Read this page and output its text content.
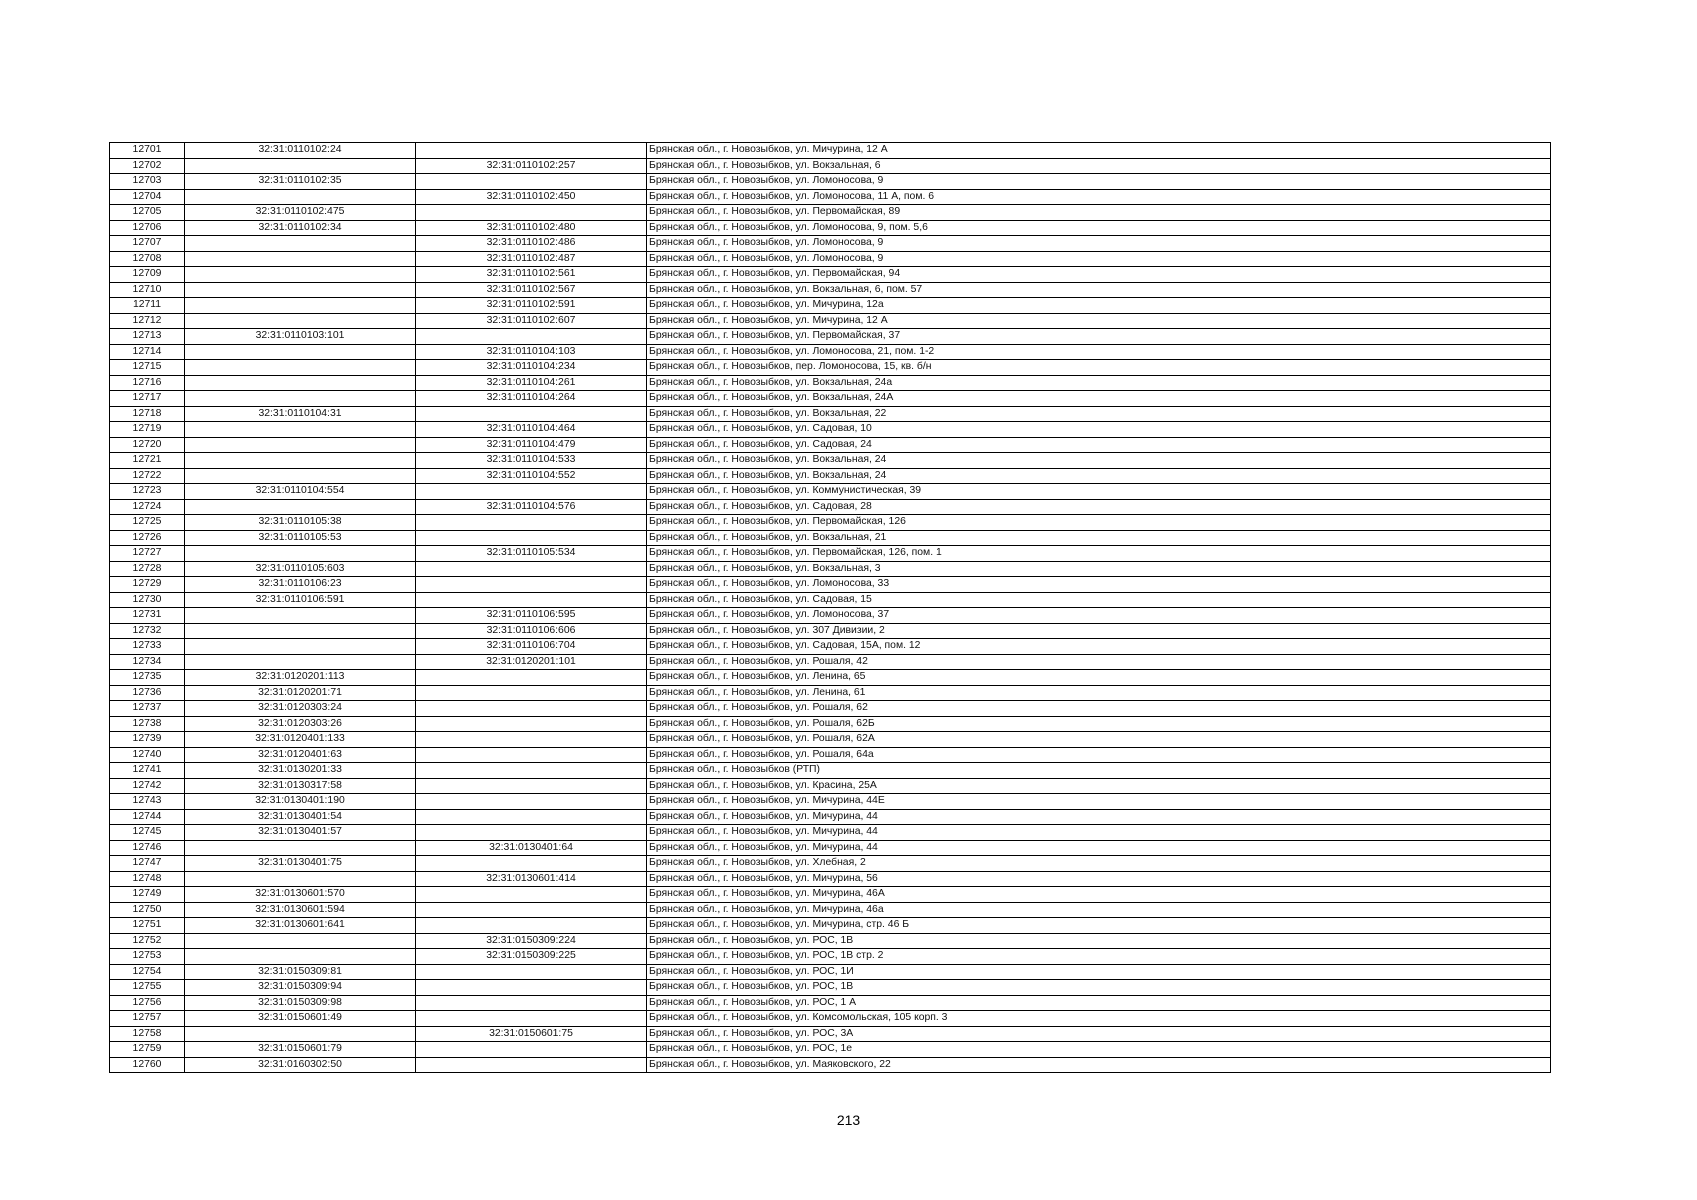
12701	32:31:0110102:24		Брянская обл., г. Новозыбков, ул. Мичурина, 12 А
12702		32:31:0110102:257	Брянская обл., г. Новозыбков, ул. Вокзальная, 6
12703	32:31:0110102:35		Брянская обл., г. Новозыбков, ул. Ломоносова, 9
12704		32:31:0110102:450	Брянская обл., г. Новозыбков, ул. Ломоносова, 11 А, пом. 6
12705	32:31:0110102:475		Брянская обл., г. Новозыбков, ул. Первомайская, 89
12706	32:31:0110102:34	32:31:0110102:480	Брянская обл., г. Новозыбков, ул. Ломоносова, 9, пом. 5,6
12707		32:31:0110102:486	Брянская обл., г. Новозыбков, ул. Ломоносова, 9
12708		32:31:0110102:487	Брянская обл., г. Новозыбков, ул. Ломоносова, 9
12709		32:31:0110102:561	Брянская обл., г. Новозыбков, ул. Первомайская, 94
12710		32:31:0110102:567	Брянская обл., г. Новозыбков, ул. Вокзальная, 6, пом. 57
12711		32:31:0110102:591	Брянская обл., г. Новозыбков, ул. Мичурина, 12а
12712		32:31:0110102:607	Брянская обл., г. Новозыбков, ул. Мичурина, 12 А
12713	32:31:0110103:101		Брянская обл., г. Новозыбков, ул. Первомайская, 37
12714		32:31:0110104:103	Брянская обл., г. Новозыбков, ул. Ломоносова, 21, пом. 1-2
12715		32:31:0110104:234	Брянская обл., г. Новозыбков, пер. Ломоносова, 15, кв. б/н
12716		32:31:0110104:261	Брянская обл., г. Новозыбков, ул. Вокзальная, 24а
12717		32:31:0110104:264	Брянская обл., г. Новозыбков, ул. Вокзальная, 24А
12718	32:31:0110104:31		Брянская обл., г. Новозыбков, ул. Вокзальная, 22
12719		32:31:0110104:464	Брянская обл., г. Новозыбков, ул. Садовая, 10
12720		32:31:0110104:479	Брянская обл., г. Новозыбков, ул. Садовая, 24
12721		32:31:0110104:533	Брянская обл., г. Новозыбков, ул. Вокзальная, 24
12722		32:31:0110104:552	Брянская обл., г. Новозыбков, ул. Вокзальная, 24
12723	32:31:0110104:554		Брянская обл., г. Новозыбков, ул. Коммунистическая, 39
12724		32:31:0110104:576	Брянская обл., г. Новозыбков, ул. Садовая, 28
12725	32:31:0110105:38		Брянская обл., г. Новозыбков, ул. Первомайская, 126
12726	32:31:0110105:53		Брянская обл., г. Новозыбков, ул. Вокзальная, 21
12727		32:31:0110105:534	Брянская обл., г. Новозыбков, ул. Первомайская, 126, пом. 1
12728	32:31:0110105:603		Брянская обл., г. Новозыбков, ул. Вокзальная, 3
12729	32:31:0110106:23		Брянская обл., г. Новозыбков, ул. Ломоносова, 33
12730	32:31:0110106:591		Брянская обл., г. Новозыбков, ул. Садовая, 15
12731		32:31:0110106:595	Брянская обл., г. Новозыбков, ул. Ломоносова, 37
12732		32:31:0110106:606	Брянская обл., г. Новозыбков, ул. 307 Дивизии, 2
12733		32:31:0110106:704	Брянская обл., г. Новозыбков, ул. Садовая, 15А, пом. 12
12734		32:31:0120201:101	Брянская обл., г. Новозыбков, ул. Рошаля, 42
12735	32:31:0120201:113		Брянская обл., г. Новозыбков, ул. Ленина, 65
12736	32:31:0120201:71		Брянская обл., г. Новозыбков, ул. Ленина, 61
12737	32:31:0120303:24		Брянская обл., г. Новозыбков, ул. Рошаля, 62
12738	32:31:0120303:26		Брянская обл., г. Новозыбков, ул. Рошаля, 62Б
12739	32:31:0120401:133		Брянская обл., г. Новозыбков, ул. Рошаля, 62А
12740	32:31:0120401:63		Брянская обл., г. Новозыбков, ул. Рошаля, 64а
12741	32:31:0130201:33		Брянская обл., г. Новозыбков (РТП)
12742	32:31:0130317:58		Брянская обл., г. Новозыбков, ул. Красина, 25А
12743	32:31:0130401:190		Брянская обл., г. Новозыбков, ул. Мичурина, 44Е
12744	32:31:0130401:54		Брянская обл., г. Новозыбков, ул. Мичурина, 44
12745	32:31:0130401:57		Брянская обл., г. Новозыбков, ул. Мичурина, 44
12746		32:31:0130401:64	Брянская обл., г. Новозыбков, ул. Мичурина, 44
12747	32:31:0130401:75		Брянская обл., г. Новозыбков, ул. Хлебная, 2
12748		32:31:0130601:414	Брянская обл., г. Новозыбков, ул. Мичурина, 56
12749	32:31:0130601:570		Брянская обл., г. Новозыбков, ул. Мичурина, 46А
12750	32:31:0130601:594		Брянская обл., г. Новозыбков, ул. Мичурина, 46а
12751	32:31:0130601:641		Брянская обл., г. Новозыбков, ул. Мичурина, стр. 46 Б
12752		32:31:0150309:224	Брянская обл., г. Новозыбков, ул. РОС, 1В
12753		32:31:0150309:225	Брянская обл., г. Новозыбков, ул. РОС, 1В стр. 2
12754	32:31:0150309:81		Брянская обл., г. Новозыбков, ул. РОС, 1И
12755	32:31:0150309:94		Брянская обл., г. Новозыбков, ул. РОС, 1В
12756	32:31:0150309:98		Брянская обл., г. Новозыбков, ул. РОС, 1 А
12757	32:31:0150601:49		Брянская обл., г. Новозыбков, ул. Комсомольская, 105 корп. 3
12758		32:31:0150601:75	Брянская обл., г. Новозыбков, ул. РОС, 3А
12759	32:31:0150601:79		Брянская обл., г. Новозыбков, ул. РОС, 1е
12760	32:31:0160302:50		Брянская обл., г. Новозыбков, ул. Маяковского, 22
213
